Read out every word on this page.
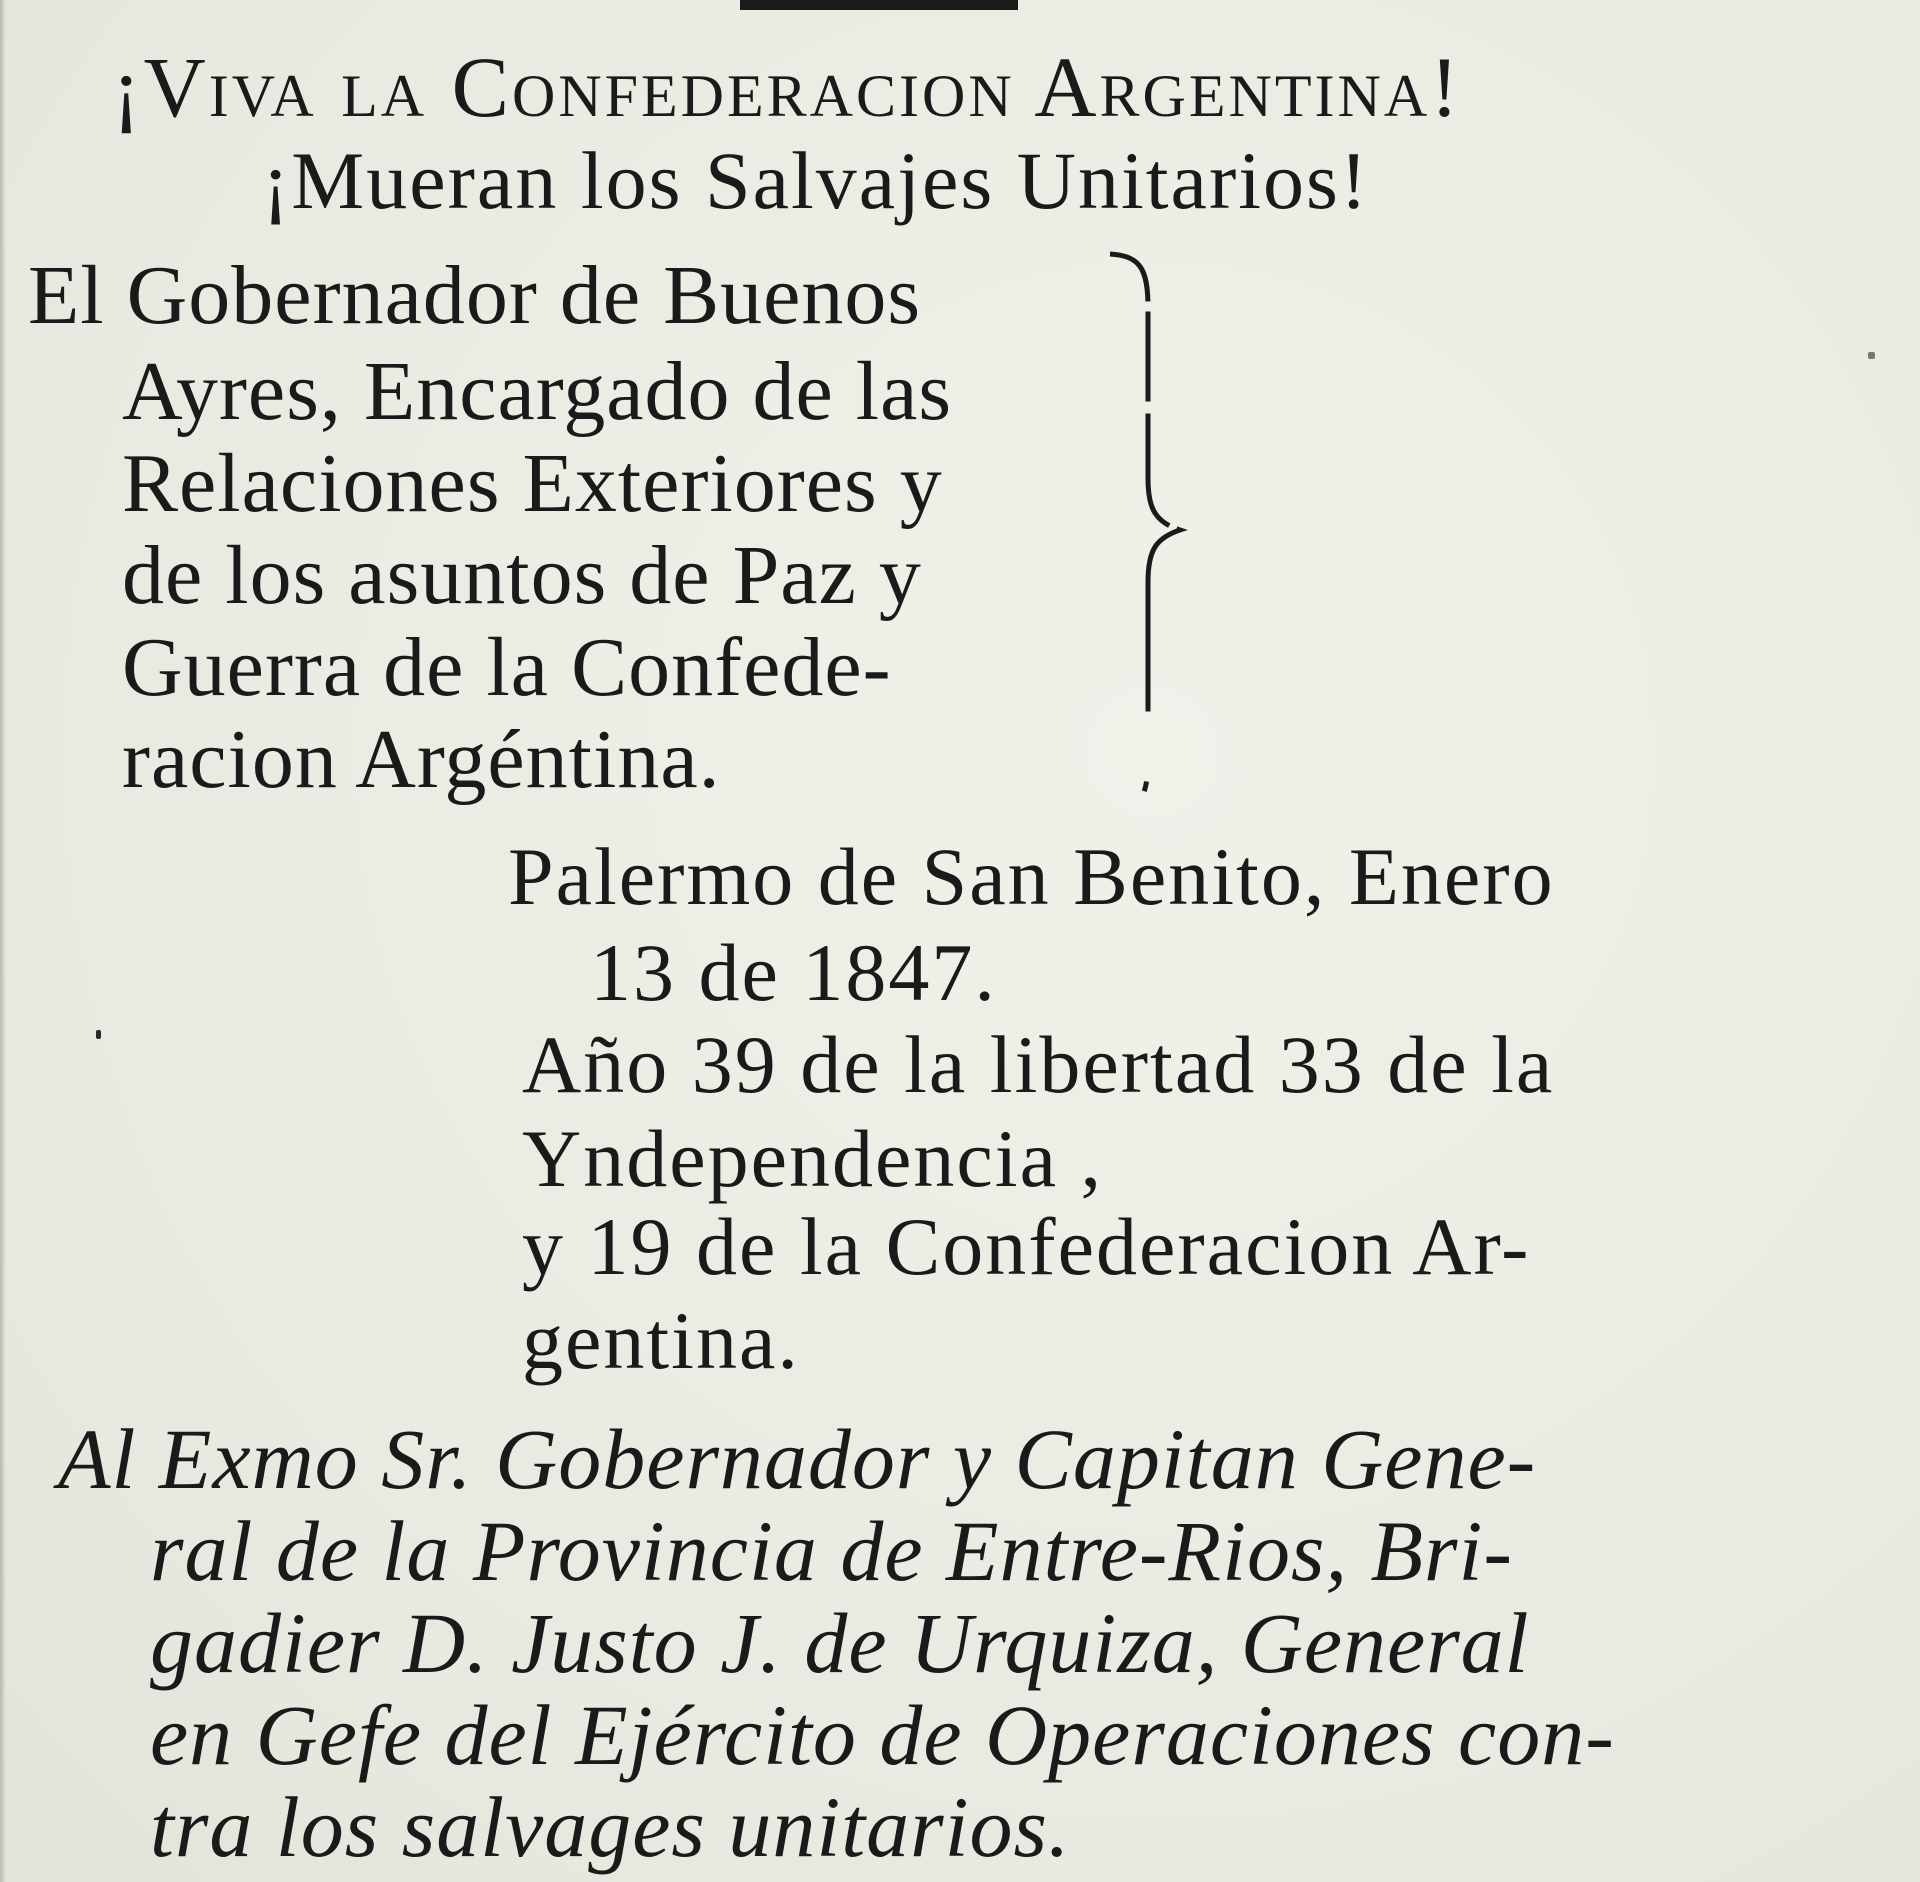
¡Viva la Confederacion Argentina!
¡Mueran los Salvajes Unitarios!
El Gobernador de Buenos
Ayres, Encargado de las
Relaciones Exteriores y
de los asuntos de Paz y
Guerra de la Confede-
racion Argéntina.
Palermo de San Benito, Enero
13 de 1847.
Año 39 de la libertad 33 de la
Yndependencia ,
y 19 de la Confederacion Ar-
gentina.
Al Exmo Sr. Gobernador y Capitan Gene-
ral de la Provincia de Entre-Rios, Bri-
gadier D. Justo J. de Urquiza, General
en Gefe del Ejército de Operaciones con-
tra los salvages unitarios.
